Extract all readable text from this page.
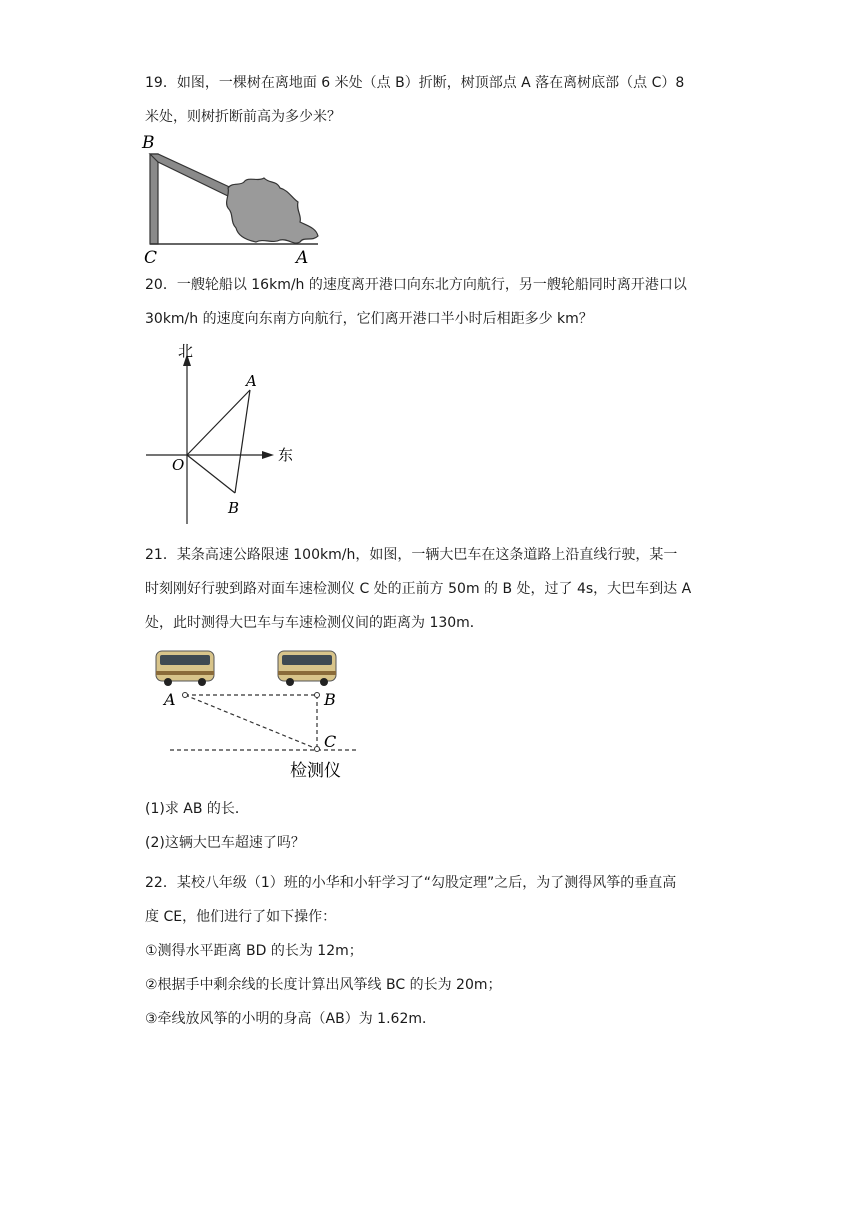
19．如图，一棵树在离地面 6 米处（点 B）折断，树顶部点 A 落在离树底部（点 C）8
米处，则树折断前高为多少米？
B
C	A
20．一艘轮船以 16km/h 的速度离开港口向东北方向航行，另一艘轮船同时离开港口以
30km/h 的速度向东南方向航行，它们离开港口半小时后相距多少 km？
北
东
O
A
B
21．某条高速公路限速 100km/h，如图，一辆大巴车在这条道路上沿直线行驶，某一
时刻刚好行驶到路对面车速检测仪 C 处的正前方 50m 的 B 处，过了 4s，大巴车到达 A
处，此时测得大巴车与车速检测仪间的距离为 130m．
A	B
C
检测仪
(1)求 AB 的长．
(2)这辆大巴车超速了吗？
22．某校八年级（1）班的小华和小轩学习了“勾股定理”之后，为了测得风筝的垂直高
度 CE，他们进行了如下操作：
①测得水平距离 BD 的长为 12m；
②根据手中剩余线的长度计算出风筝线 BC 的长为 20m；
③牵线放风筝的小明的身高（AB）为 1.62m．
